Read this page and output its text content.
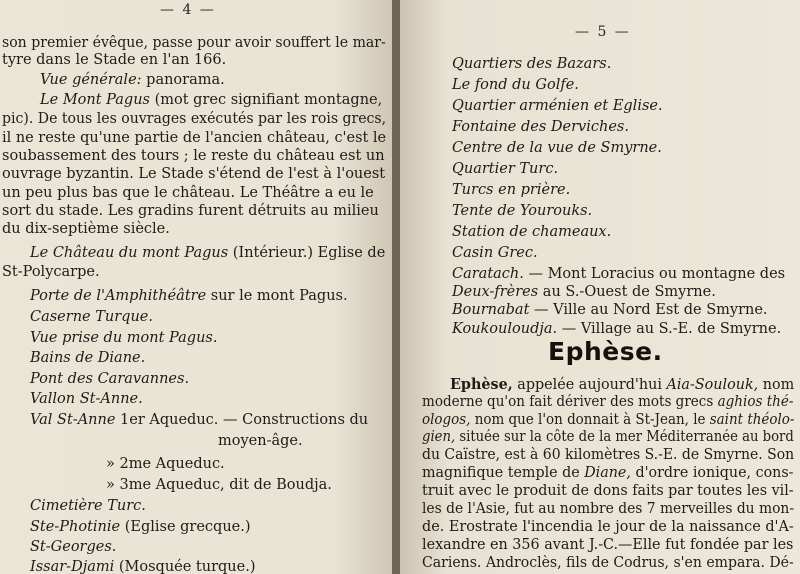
— 4 —
son premier évêque, passe pour avoir souffert le mar-
tyre dans le Stade en l'an 166.
Vue générale: panorama.
Le Mont Pagus (mot grec signifiant montagne,
pic). De tous les ouvrages exécutés par les rois grecs,
il ne reste qu'une partie de l'ancien château, c'est le
soubassement des tours ; le reste du château est un
ouvrage byzantin. Le Stade s'étend de l'est à l'ouest
un peu plus bas que le château. Le Théâtre a eu le
sort du stade. Les gradins furent détruits au milieu
du dix-septième siècle.
Le Château du mont Pagus (Intérieur.) Eglise de
St-Polycarpe.
Porte de l'Amphithéâtre sur le mont Pagus.
Caserne Turque.
Vue prise du mont Pagus.
Bains de Diane.
Pont des Caravannes.
Vallon St-Anne.
Val St-Anne 1er Aqueduc. — Constructions du
moyen-âge.
» 2me Aqueduc.
» 3me Aqueduc, dit de Boudja.
Cimetière Turc.
Ste-Photinie (Eglise grecque.)
St-Georges.
Issar-Djami (Mosquée turque.)
— 5 —
Ephèse.
Quartiers des Bazars.
Le fond du Golfe.
Quartier arménien et Eglise.
Fontaine des Derviches.
Centre de la vue de Smyrne.
Quartier Turc.
Turcs en prière.
Tente de Yourouks.
Station de chameaux.
Casin Grec.
Caratach. — Mont Loracius ou montagne des
Deux-frères au S.-Ouest de Smyrne.
Bournabat — Ville au Nord Est de Smyrne.
Koukouloudja. — Village au S.-E. de Smyrne.
Ephèse, appelée aujourd'hui Aia-Soulouk, nom
moderne qu'on fait dériver des mots grecs aghios thé-
ologos, nom que l'on donnait à St-Jean, le saint théolo-
gien, située sur la côte de la mer Méditerranée au bord
du Caïstre, est à 60 kilomètres S.-E. de Smyrne. Son
magnifique temple de Diane, d'ordre ionique, cons-
truit avec le produit de dons faits par toutes les vil-
les de l'Asie, fut au nombre des 7 merveilles du mon-
de. Erostrate l'incendia le jour de la naissance d'A-
lexandre en 356 avant J.-C.—Elle fut fondée par les
Cariens. Androclès, fils de Codrus, s'en empara. Dé-
